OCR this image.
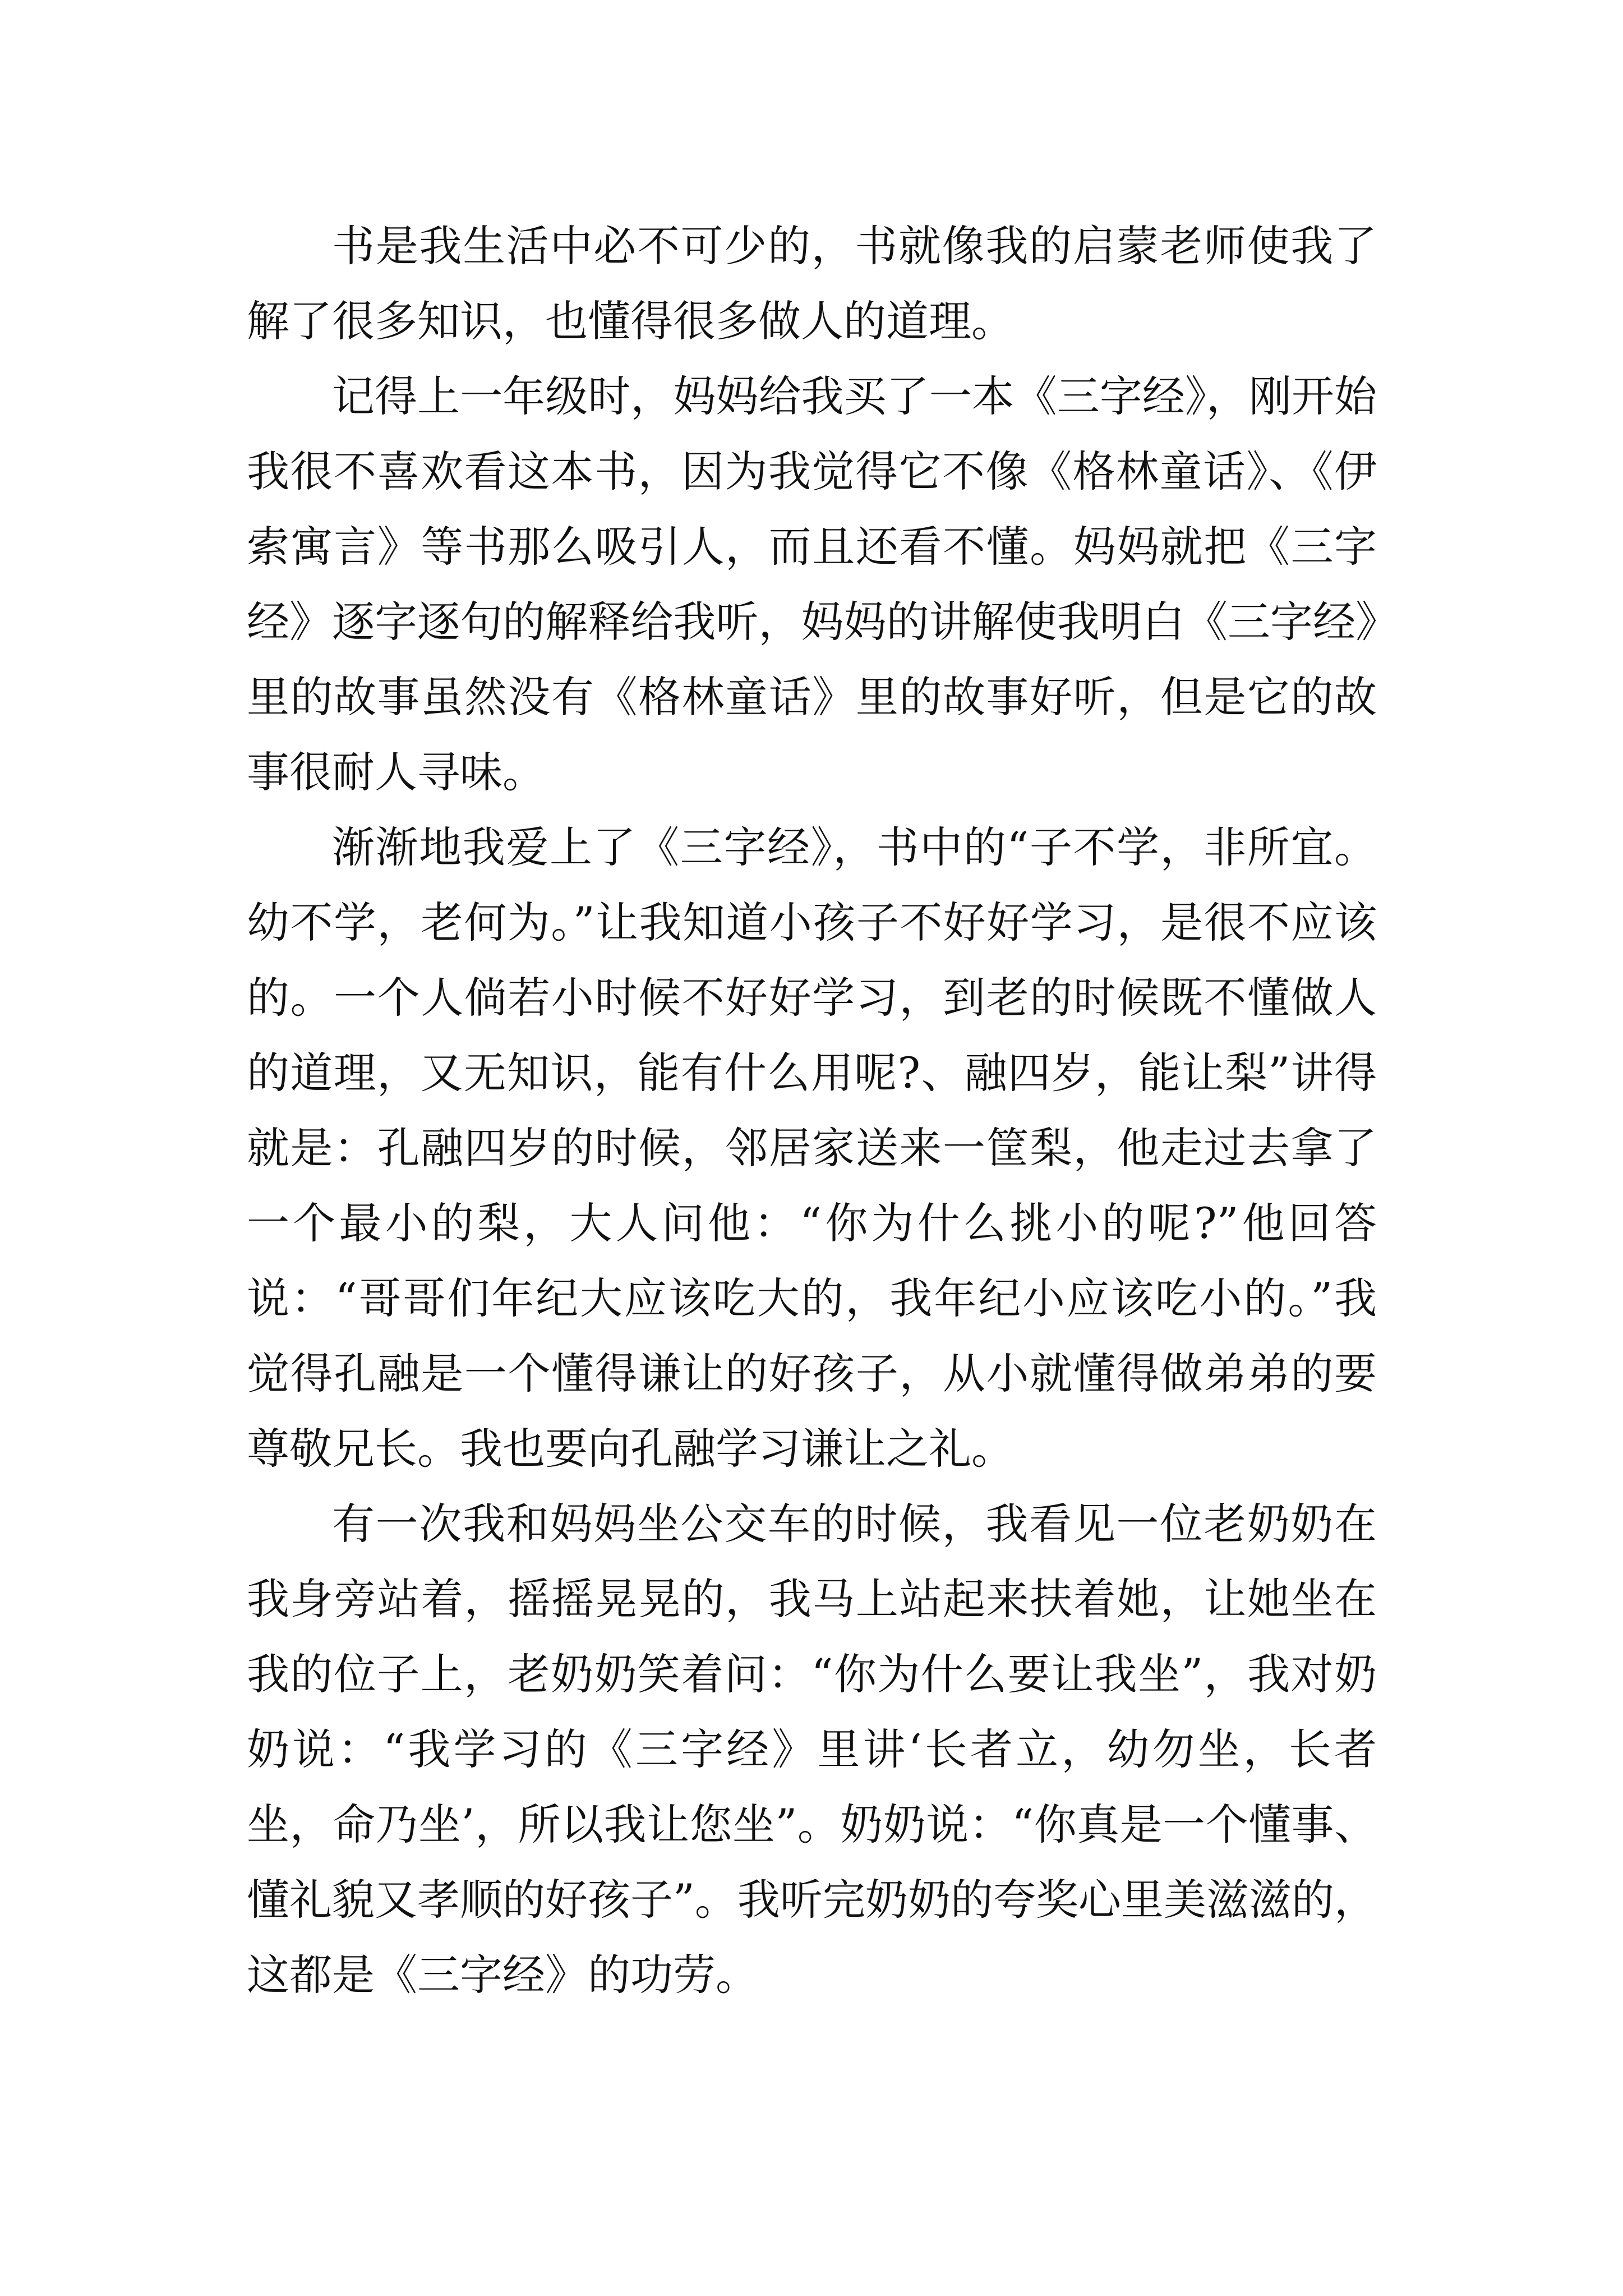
书是我生活中必不可少的，书就像我的启蒙老师使我了解了很多知识，也懂得很多做人的道理。

记得上一年级时，妈妈给我买了一本《三字经》，刚开始我很不喜欢看这本书，因为我觉得它不像《格林童话》、《伊索寓言》等书那么吸引人，而且还看不懂。妈妈就把《三字经》逐字逐句的解释给我听，妈妈的讲解使我明白《三字经》里的故事虽然没有《格林童话》里的故事好听，但是它的故事很耐人寻味。

渐渐地我爱上了《三字经》，书中的“子不学，非所宜。幼不学，老何为。”让我知道小孩子不好好学习，是很不应该的。一个人倘若小时候不好好学习，到老的时候既不懂做人的道理，又无知识，能有什么用呢?、融四岁，能让梨”讲得就是：孔融四岁的时候，邻居家送来一筐梨，他走过去拿了一个最小的梨，大人问他：“你为什么挑小的呢?”他回答说：“哥哥们年纪大应该吃大的，我年纪小应该吃小的。”我觉得孔融是一个懂得谦让的好孩子，从小就懂得做弟弟的要尊敬兄长。我也要向孔融学习谦让之礼。

有一次我和妈妈坐公交车的时候，我看见一位老奶奶在我身旁站着，摇摇晃晃的，我马上站起来扶着她，让她坐在我的位子上，老奶奶笑着问：“你为什么要让我坐”，我对奶奶说：“我学习的《三字经》里讲‘长者立，幼勿坐，长者坐，命乃坐’，所以我让您坐”。奶奶说：“你真是一个懂事、懂礼貌又孝顺的好孩子”。我听完奶奶的夸奖心里美滋滋的，这都是《三字经》的功劳。
